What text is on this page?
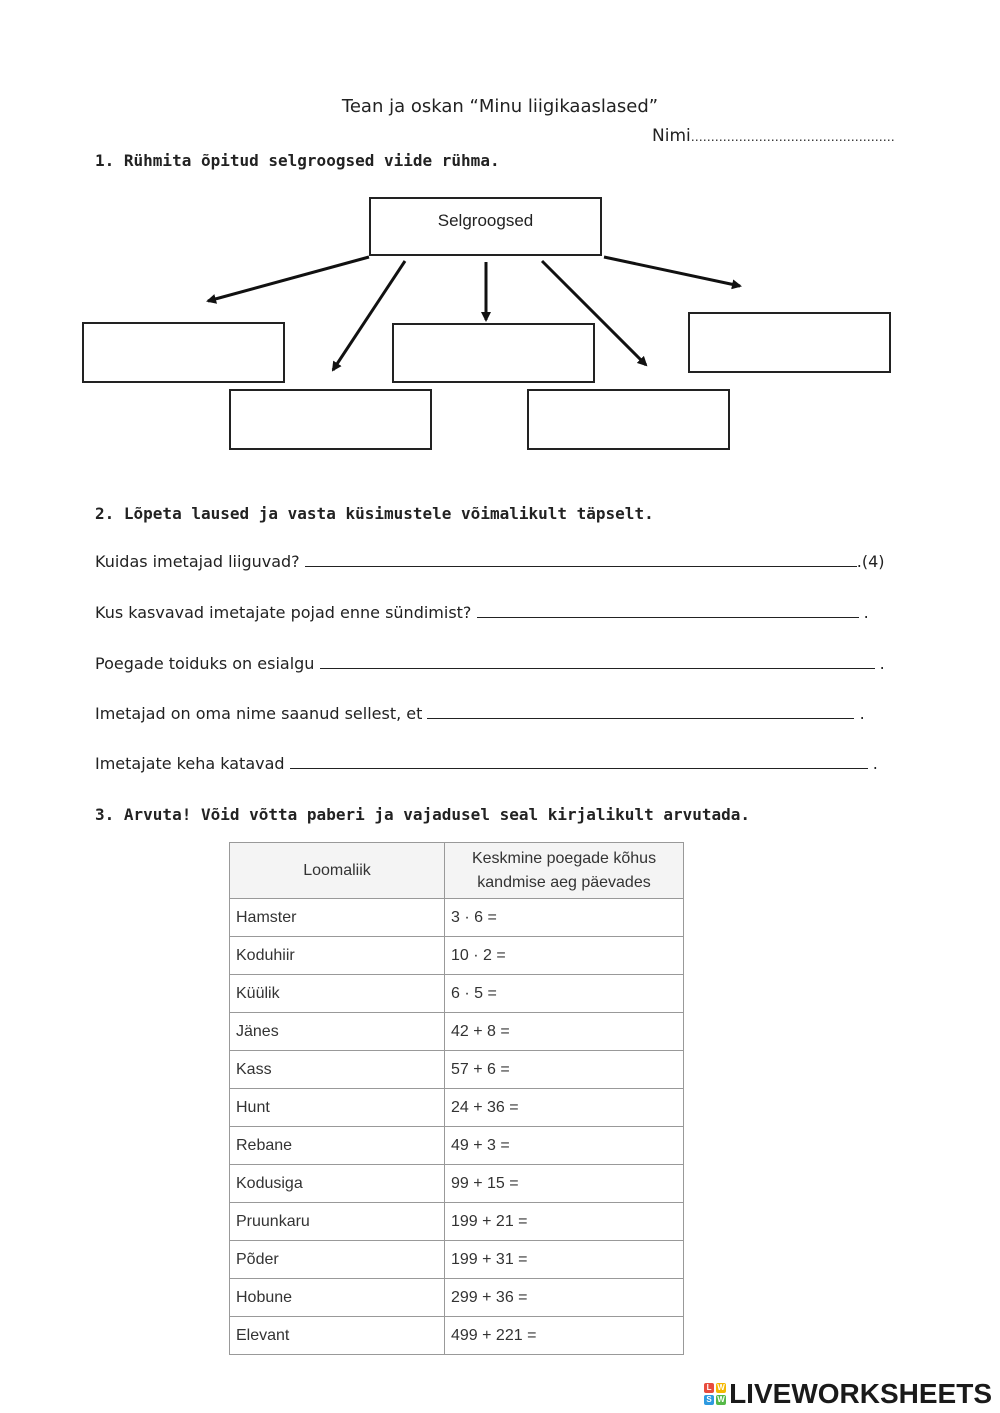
Tean ja oskan “Minu liigikaaslased”
Nimi……………………………………………
1. Rühmita õpitud selgroogsed viide rühma.
Selgroogsed
2. Lõpeta laused ja vasta küsimustele võimalikult täpselt.
Kuidas imetajad liiguvad?	.(4)
Kus kasvavad imetajate pojad enne sündimist?	.
Poegade toiduks on esialgu	.
Imetajad on oma nime saanud sellest, et	.
Imetajate keha katavad	.
3. Arvuta! Võid võtta paberi ja vajadusel seal kirjalikult arvutada.
Loomaliik	Keskmine poegade kõhus kandmise aeg päevades
Hamster	3 · 6 =
Koduhiir	10 · 2 =
Küülik	6 · 5 =
Jänes	42 + 8 =
Kass	57 + 6 =
Hunt	24 + 36 =
Rebane	49 + 3 =
Kodusiga	99 + 15 =
Pruunkaru	199 + 21 =
Põder	199 + 31 =
Hobune	299 + 36 =
Elevant	499 + 221 =
L W
S W LIVEWORKSHEETS
